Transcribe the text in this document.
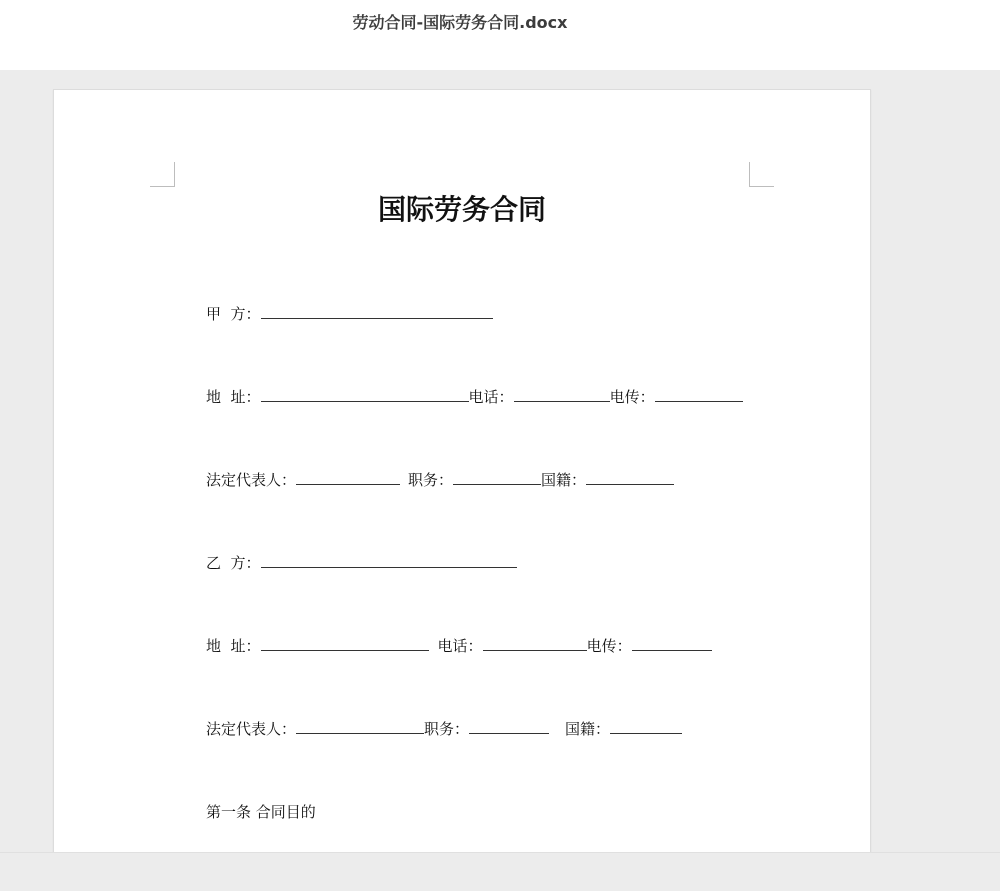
劳动合同-国际劳务合同.docx
国际劳务合同
甲  方：
地  址：	电话：	电传：
法定代表人：	职务：	国籍：
乙  方：
地  址：	电话：	电传：
法定代表人：	职务：	国籍：
第一条 合同目的
